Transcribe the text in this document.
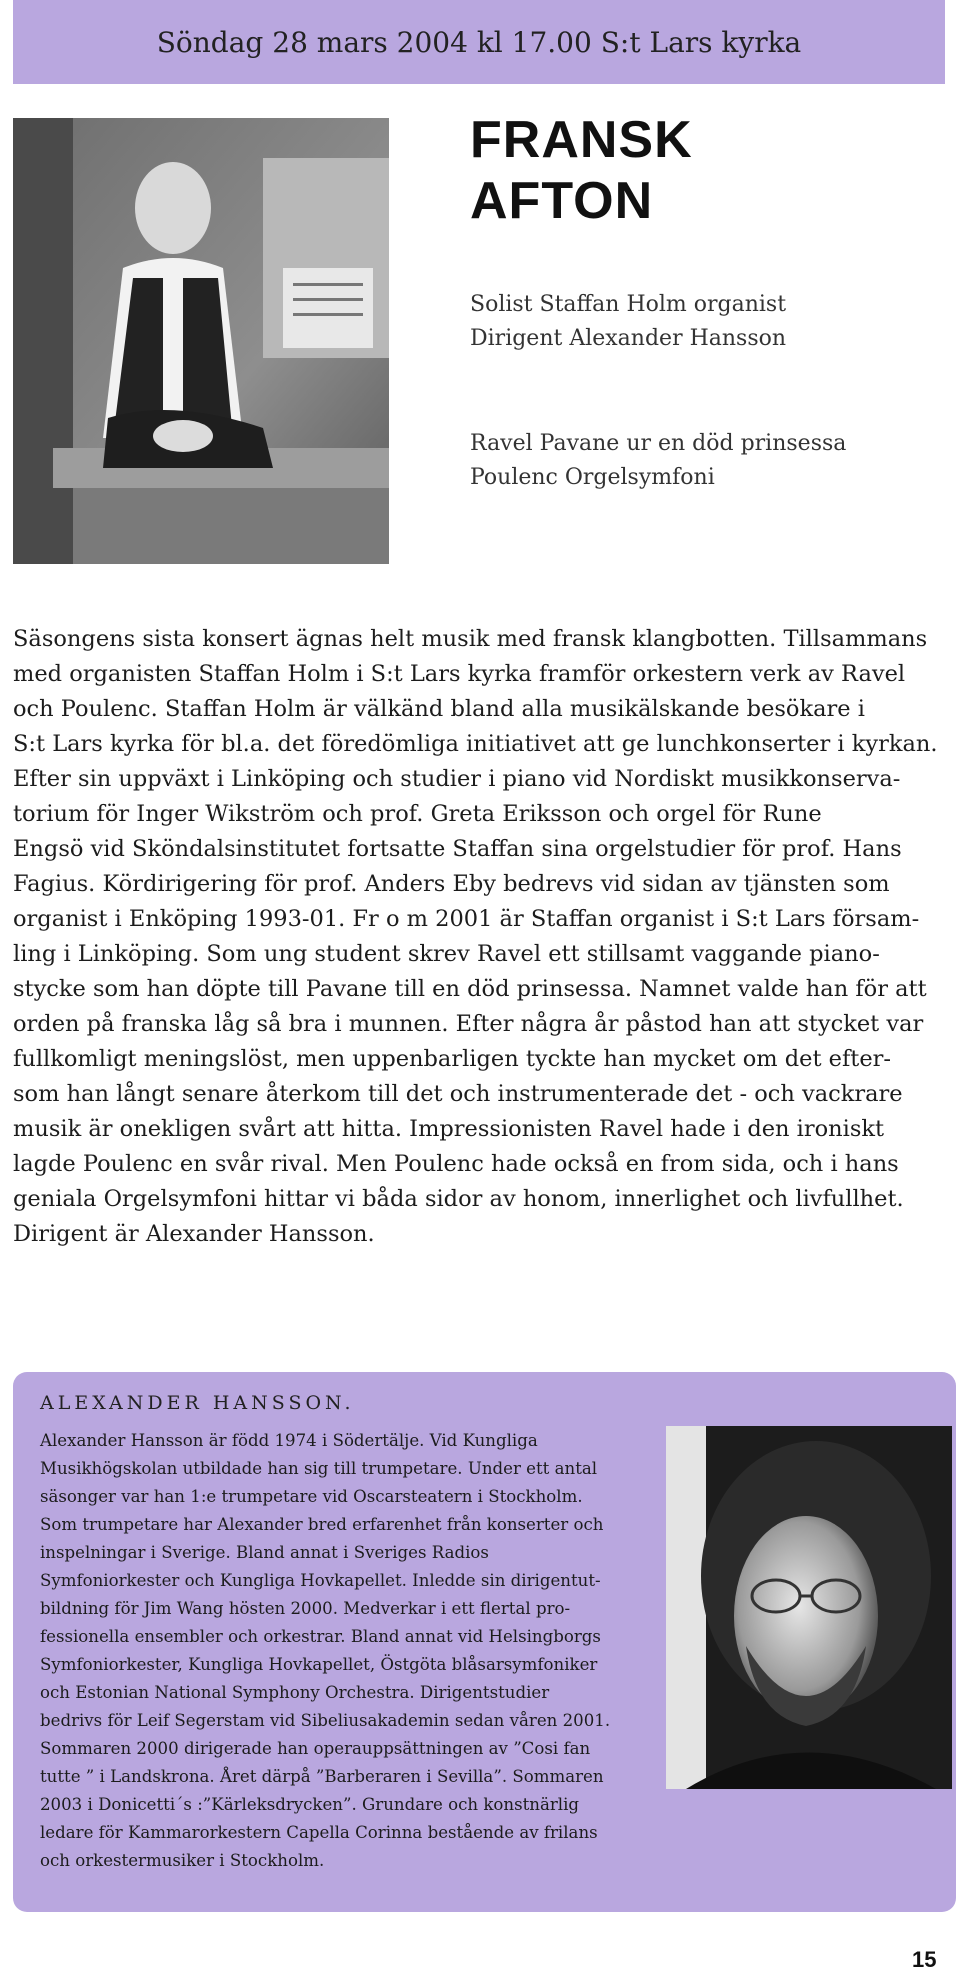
Söndag 28 mars 2004 kl 17.00 S:t Lars kyrka
FRANSK
AFTON
Solist Staffan Holm organist
Dirigent Alexander Hansson
Ravel Pavane ur en död prinsessa
Poulenc Orgelsymfoni
Säsongens sista konsert ägnas helt musik med fransk klangbotten. Tillsammans
med organisten Staffan Holm i S:t Lars kyrka framför orkestern verk av Ravel
och Poulenc. Staffan Holm är välkänd bland alla musikälskande besökare i
S:t Lars kyrka för bl.a. det föredömliga initiativet att ge lunchkonserter i kyrkan.
Efter sin uppväxt i Linköping och studier i piano vid Nordiskt musikkonserva-
torium för Inger Wikström och prof. Greta Eriksson och orgel för Rune
Engsö vid Sköndalsinstitutet fortsatte Staffan sina orgelstudier för prof. Hans
Fagius. Kördirigering för prof. Anders Eby bedrevs vid sidan av tjänsten som
organist i Enköping 1993-01. Fr o m 2001 är Staffan organist i S:t Lars försam-
ling i Linköping. Som ung student skrev Ravel ett stillsamt vaggande piano-
stycke som han döpte till Pavane till en död prinsessa. Namnet valde han för att
orden på franska låg så bra i munnen. Efter några år påstod han att stycket var
fullkomligt meningslöst, men uppenbarligen tyckte han mycket om det efter-
som han långt senare återkom till det och instrumenterade det - och vackrare
musik är onekligen svårt att hitta. Impressionisten Ravel hade i den ironiskt
lagde Poulenc en svår rival. Men Poulenc hade också en from sida, och i hans
geniala Orgelsymfoni hittar vi båda sidor av honom, innerlighet och livfullhet.
Dirigent är Alexander Hansson.
ALEXANDER HANSSON.
Alexander Hansson är född 1974 i Södertälje. Vid Kungliga
Musikhögskolan utbildade han sig till trumpetare. Under ett antal
säsonger var han 1:e trumpetare vid Oscarsteatern i Stockholm.
Som trumpetare har Alexander bred erfarenhet från konserter och
inspelningar i Sverige. Bland annat i Sveriges Radios
Symfoniorkester och Kungliga Hovkapellet. Inledde sin dirigentut-
bildning för Jim Wang hösten 2000. Medverkar i ett flertal pro-
fessionella ensembler och orkestrar. Bland annat vid Helsingborgs
Symfoniorkester, Kungliga Hovkapellet, Östgöta blåsarsymfoniker
och Estonian National Symphony Orchestra. Dirigentstudier
bedrivs för Leif Segerstam vid Sibeliusakademin sedan våren 2001.
Sommaren 2000 dirigerade han operauppsättningen av ”Cosi fan
tutte ” i Landskrona. Året därpå ”Barberaren i Sevilla”. Sommaren
2003 i Donicetti´s :”Kärleksdrycken”. Grundare och konstnärlig
ledare för Kammarorkestern Capella Corinna bestående av frilans
och orkestermusiker i Stockholm.
15
